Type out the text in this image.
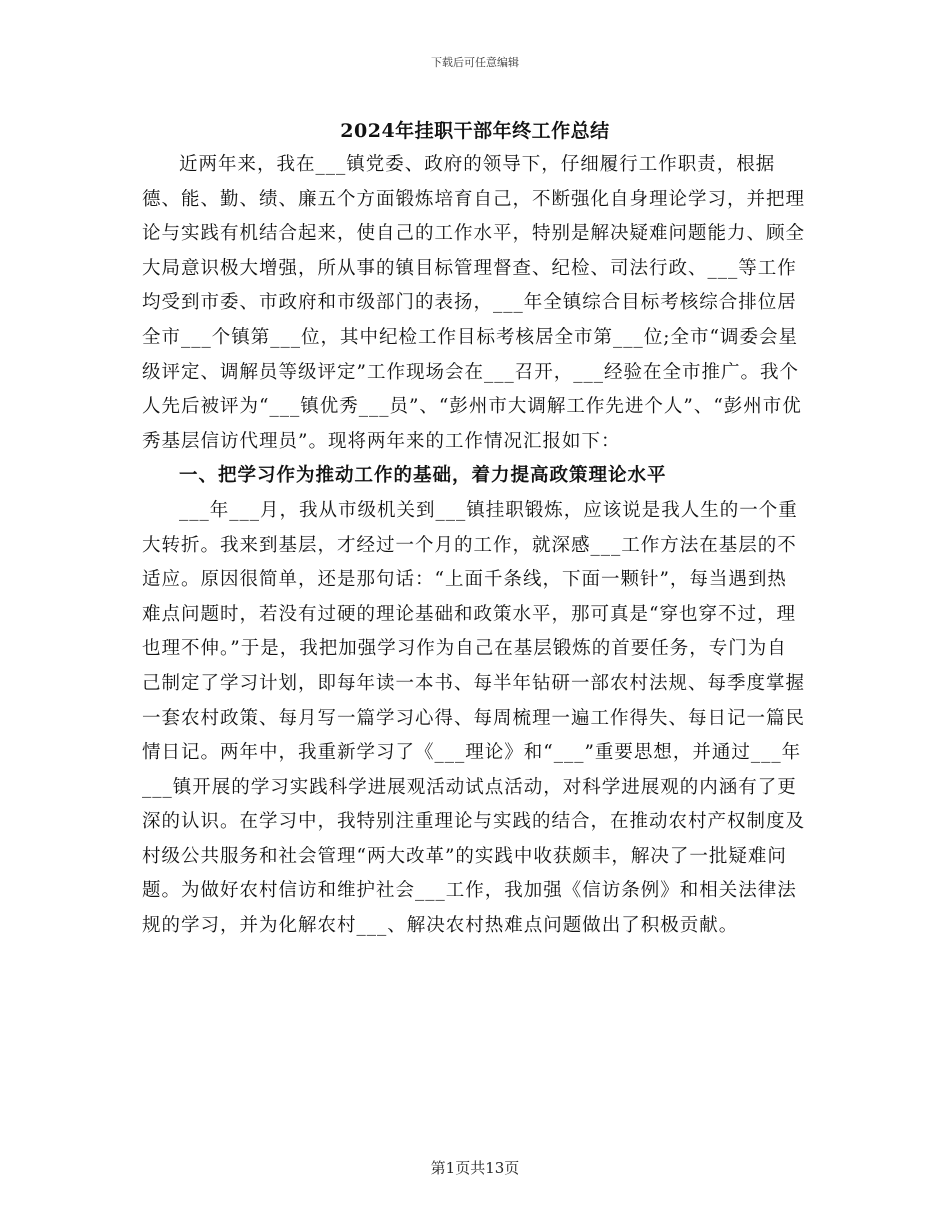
下载后可任意编辑
2024年挂职干部年终工作总结

近两年来，我在___镇党委、政府的领导下，仔细履行工作职责，根据德、能、勤、绩、廉五个方面锻炼培育自己，不断强化自身理论学习，并把理论与实践有机结合起来，使自己的工作水平，特别是解决疑难问题能力、顾全大局意识极大增强，所从事的镇目标管理督查、纪检、司法行政、___等工作均受到市委、市政府和市级部门的表扬，___年全镇综合目标考核综合排位居全市___个镇第___位，其中纪检工作目标考核居全市第___位;全市“调委会星级评定、调解员等级评定”工作现场会在___召开，___经验在全市推广。我个人先后被评为“___镇优秀___员”、“彭州市大调解工作先进个人”、“彭州市优秀基层信访代理员”。现将两年来的工作情况汇报如下：

一、把学习作为推动工作的基础，着力提高政策理论水平

___年___月，我从市级机关到___镇挂职锻炼，应该说是我人生的一个重大转折。我来到基层，才经过一个月的工作，就深感___工作方法在基层的不适应。原因很简单，还是那句话：“上面千条线，下面一颗针”，每当遇到热难点问题时，若没有过硬的理论基础和政策水平，那可真是“穿也穿不过，理也理不伸。”于是，我把加强学习作为自己在基层锻炼的首要任务，专门为自己制定了学习计划，即每年读一本书、每半年钻研一部农村法规、每季度掌握一套农村政策、每月写一篇学习心得、每周梳理一遍工作得失、每日记一篇民情日记。两年中，我重新学习了《___理论》和“___”重要思想，并通过___年___镇开展的学习实践科学进展观活动试点活动，对科学进展观的内涵有了更深的认识。在学习中，我特别注重理论与实践的结合，在推动农村产权制度及村级公共服务和社会管理“两大改革”的实践中收获颇丰，解决了一批疑难问题。为做好农村信访和维护社会___工作，我加强《信访条例》和相关法律法规的学习，并为化解农村___、解决农村热难点问题做出了积极贡献。

第1页共13页
